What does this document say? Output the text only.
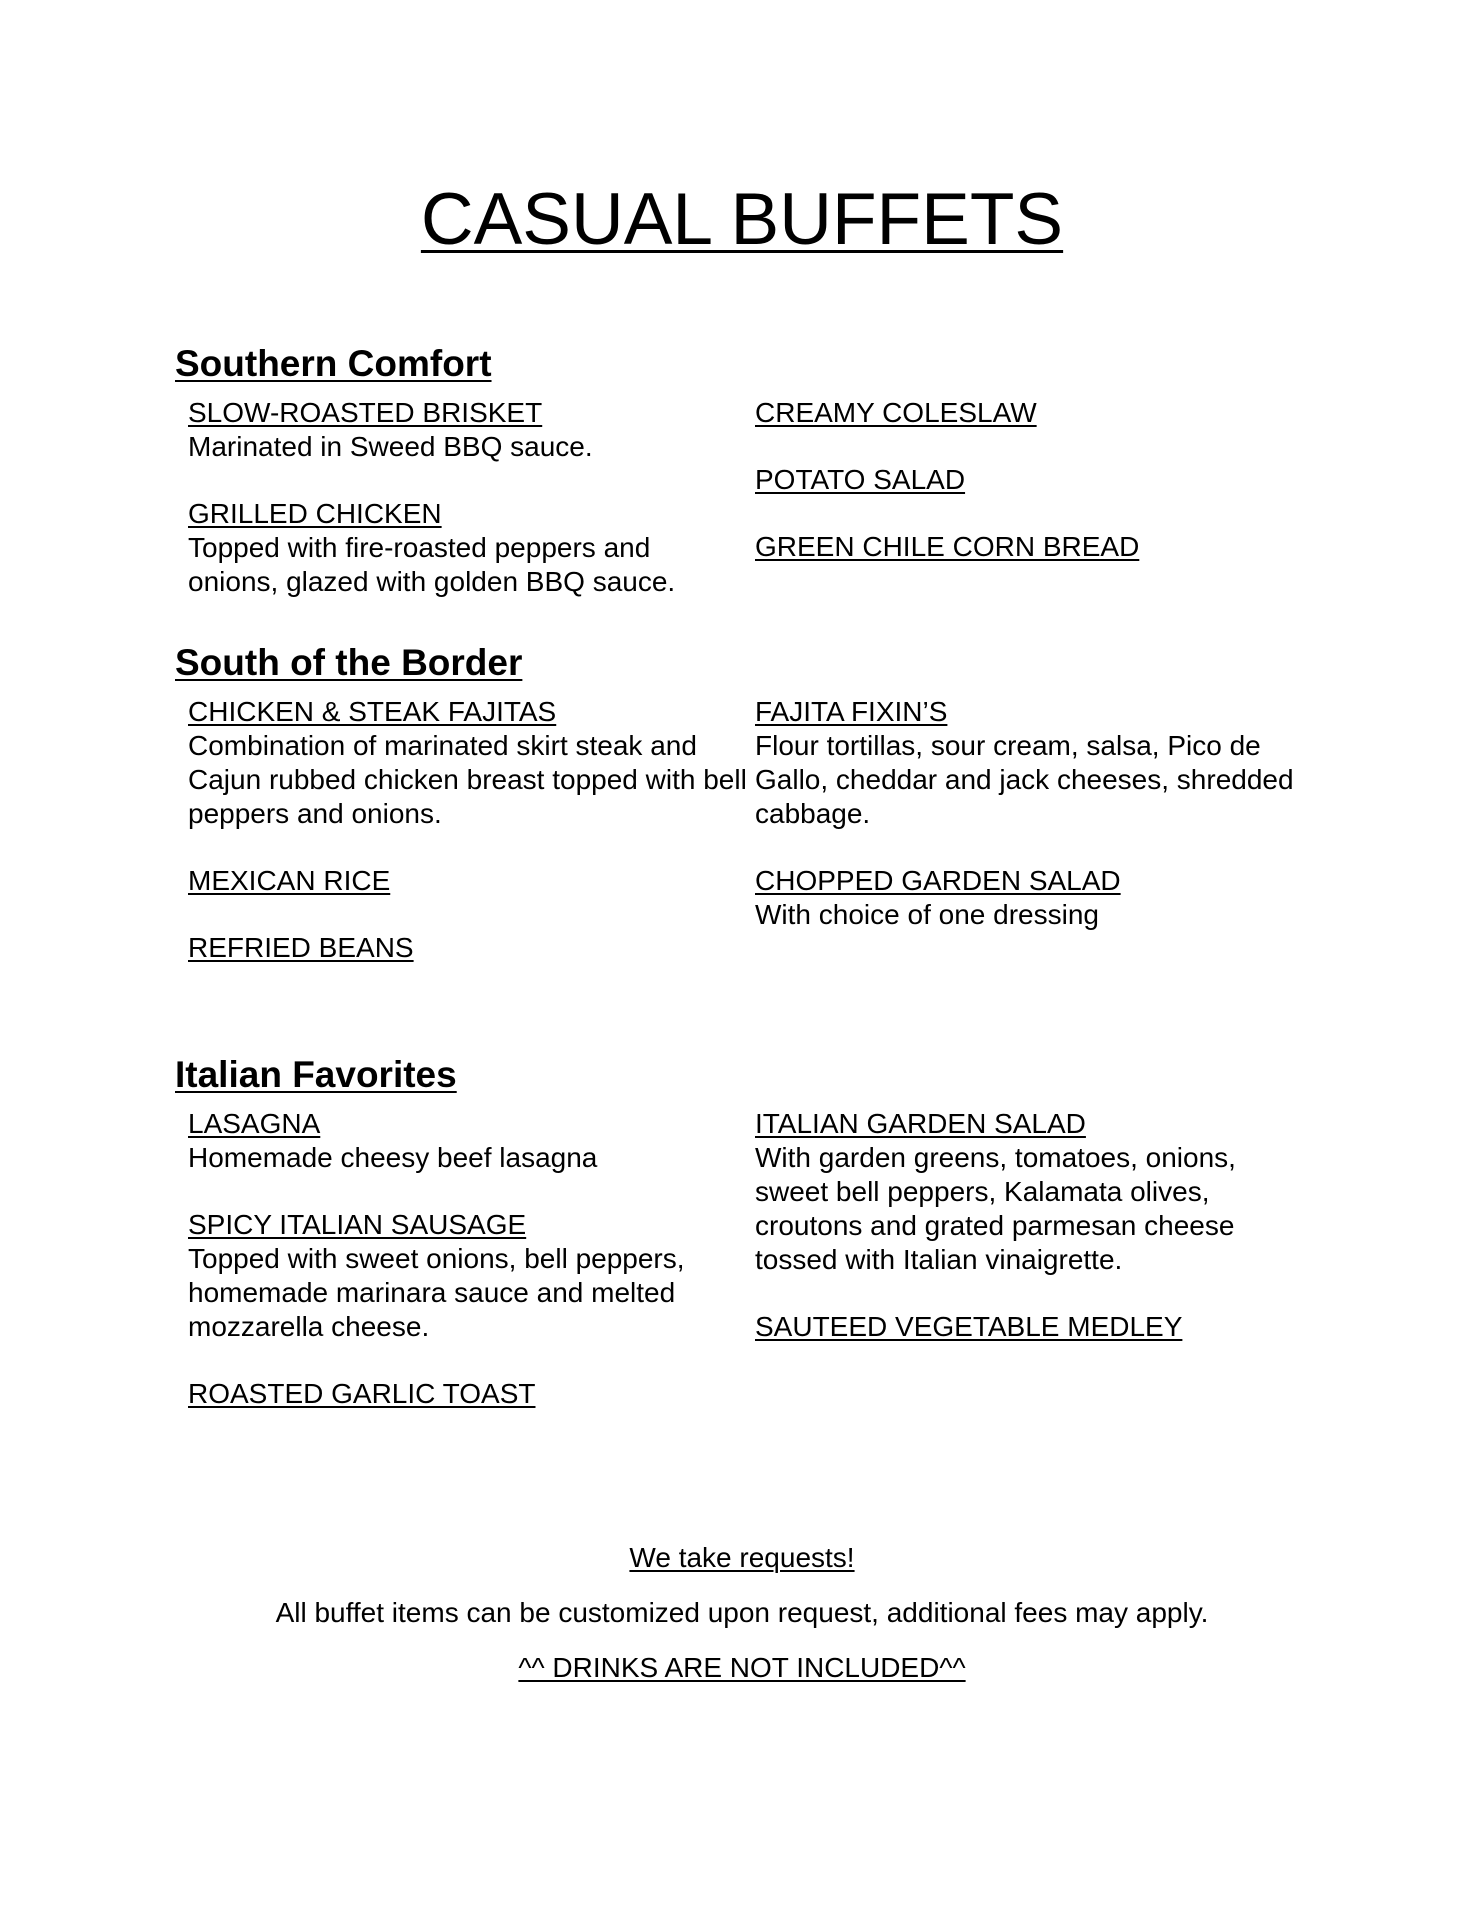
CASUAL BUFFETS
Southern Comfort
SLOW-ROASTED BRISKET
Marinated in Sweed BBQ sauce.
GRILLED CHICKEN
Topped with fire-roasted peppers and onions, glazed with golden BBQ sauce.
CREAMY COLESLAW
POTATO SALAD
GREEN CHILE CORN BREAD
South of the Border
CHICKEN & STEAK FAJITAS
Combination of marinated skirt steak and Cajun rubbed chicken breast topped with bell peppers and onions.
MEXICAN RICE
REFRIED BEANS
FAJITA FIXIN’S
Flour tortillas, sour cream, salsa, Pico de Gallo, cheddar and jack cheeses, shredded cabbage.
CHOPPED GARDEN SALAD
With choice of one dressing
Italian Favorites
LASAGNA
Homemade cheesy beef lasagna
SPICY ITALIAN SAUSAGE
Topped with sweet onions, bell peppers, homemade marinara sauce and melted mozzarella cheese.
ROASTED GARLIC TOAST
ITALIAN GARDEN SALAD
With garden greens, tomatoes, onions, sweet bell peppers, Kalamata olives, croutons and grated parmesan cheese tossed with Italian vinaigrette.
SAUTEED VEGETABLE MEDLEY
We take requests!
All buffet items can be customized upon request, additional fees may apply.
^^ DRINKS ARE NOT INCLUDED^^
